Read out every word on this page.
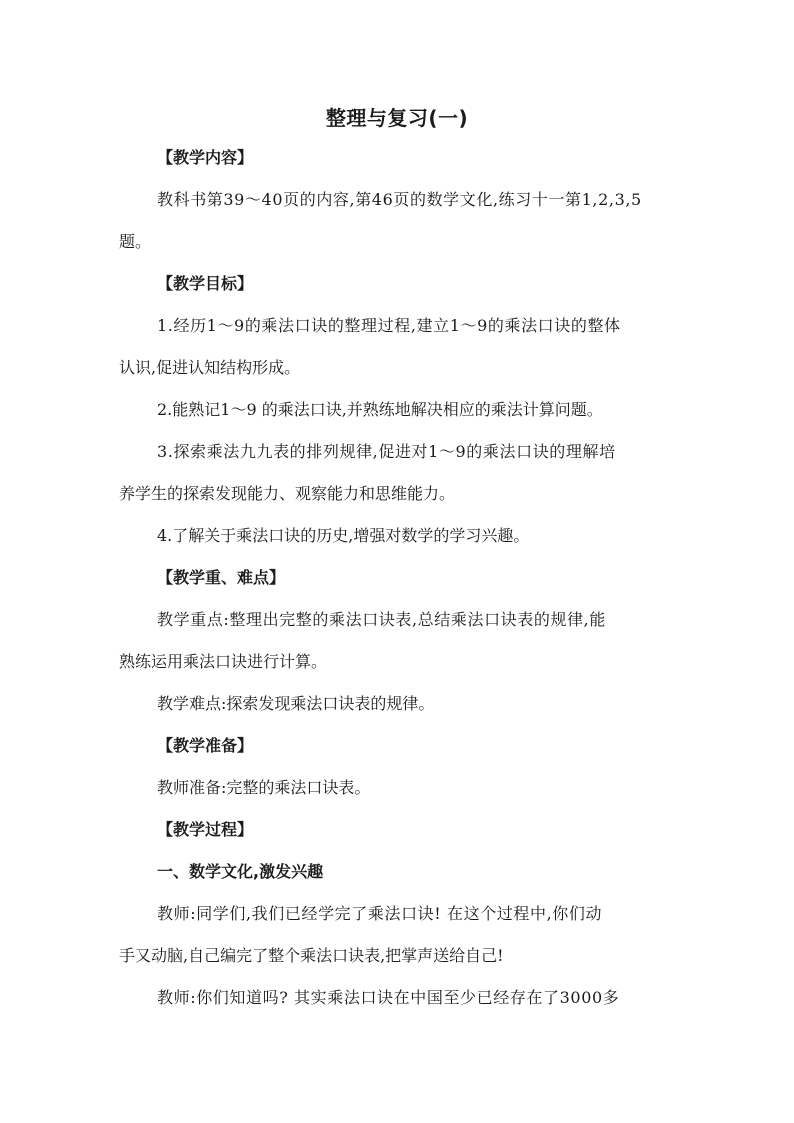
整理与复习(一)
【教学内容】
教科书第39～40页的内容,第46页的数学文化,练习十一第1,2,3,5
题。
【教学目标】
1.经历1～9的乘法口诀的整理过程,建立1～9的乘法口诀的整体
认识,促进认知结构形成。
2.能熟记1～9 的乘法口诀,并熟练地解决相应的乘法计算问题。
3.探索乘法九九表的排列规律,促进对1～9的乘法口诀的理解培
养学生的探索发现能力、观察能力和思维能力。
4.了解关于乘法口诀的历史,增强对数学的学习兴趣。
【教学重、难点】
教学重点:整理出完整的乘法口诀表,总结乘法口诀表的规律,能
熟练运用乘法口诀进行计算。
教学难点:探索发现乘法口诀表的规律。
【教学准备】
教师准备:完整的乘法口诀表。
【教学过程】
一、数学文化,激发兴趣
教师:同学们,我们已经学完了乘法口诀! 在这个过程中,你们动
手又动脑,自己编完了整个乘法口诀表,把掌声送给自己!
教师:你们知道吗? 其实乘法口诀在中国至少已经存在了3000多
